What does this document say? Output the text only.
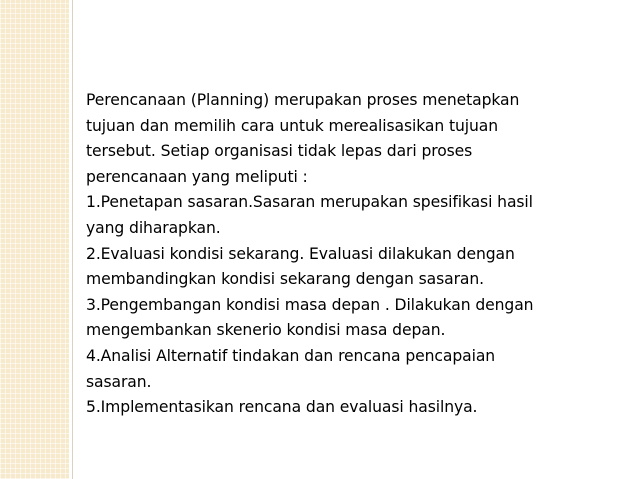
Perencanaan (Planning) merupakan proses menetapkan
tujuan dan memilih cara untuk merealisasikan tujuan
tersebut. Setiap organisasi tidak lepas dari proses
perencanaan yang meliputi :
1.Penetapan sasaran.Sasaran merupakan spesifikasi hasil
yang diharapkan.
2.Evaluasi kondisi sekarang. Evaluasi dilakukan dengan
membandingkan kondisi sekarang dengan sasaran.
3.Pengembangan kondisi masa depan . Dilakukan dengan
mengembankan skenerio kondisi masa depan.
4.Analisi Alternatif tindakan dan rencana pencapaian
sasaran.
5.Implementasikan rencana dan evaluasi hasilnya.
